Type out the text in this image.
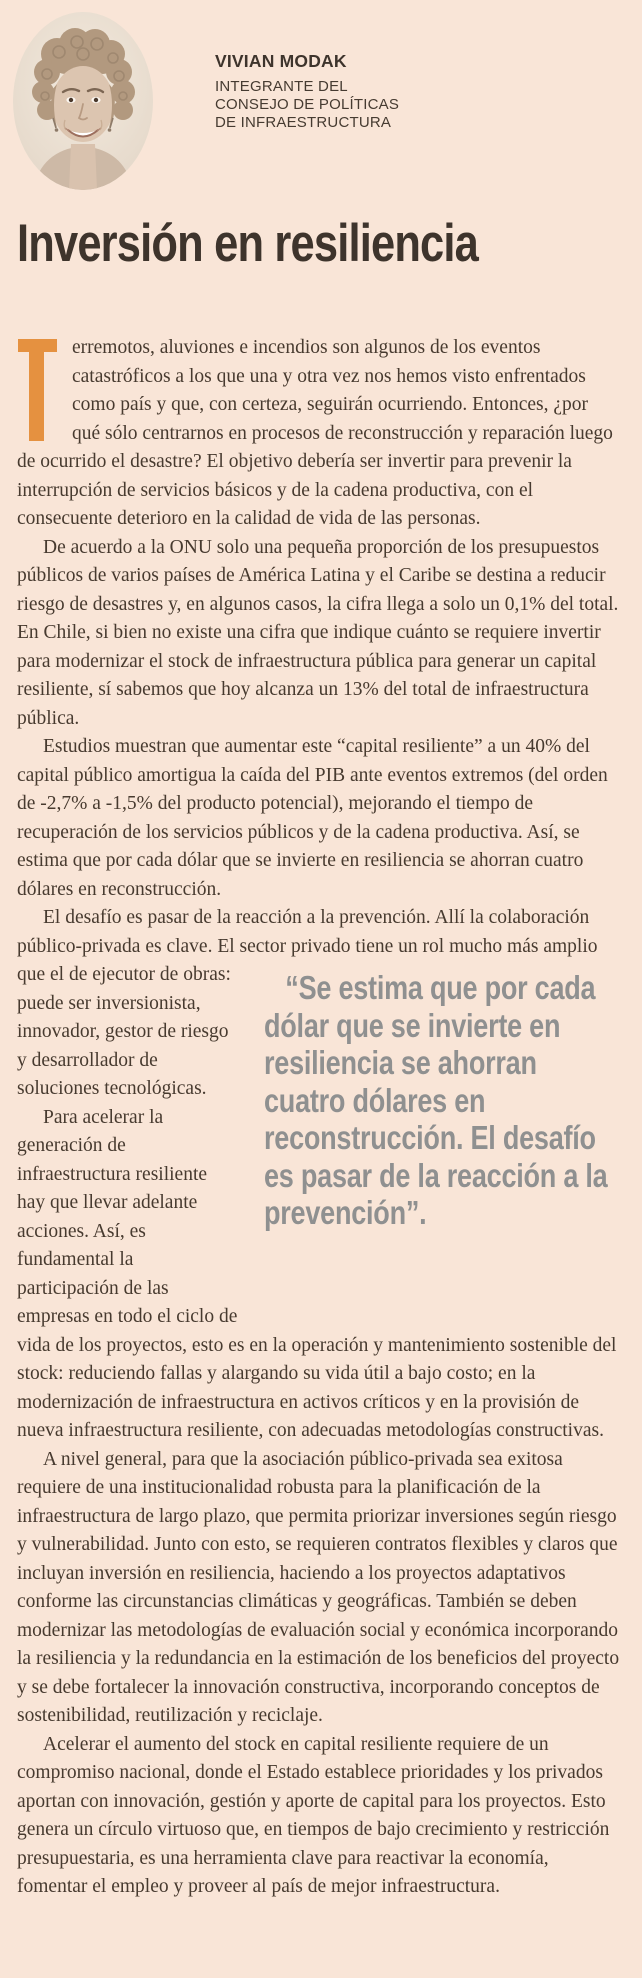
VIVIAN MODAK
INTEGRANTE DEL
CONSEJO DE POLÍTICAS
DE INFRAESTRUCTURA
Inversión en resiliencia
erremotos, aluviones e incendios son algunos de los eventos catastróficos a los que una y otra vez nos hemos visto enfrentados como país y que, con certeza, seguirán ocurriendo. Entonces, ¿por qué sólo centrarnos en procesos de reconstrucción y reparación luego de ocurrido el desastre? El objetivo debería ser invertir para prevenir la interrupción de servicios básicos y de la cadena productiva, con el consecuente deterioro en la calidad de vida de las personas.
De acuerdo a la ONU solo una pequeña proporción de los presupuestos públicos de varios países de América Latina y el Caribe se destina a reducir riesgo de desastres y, en algunos casos, la cifra llega a solo un 0,1% del total. En Chile, si bien no existe una cifra que indique cuánto se requiere invertir para modernizar el stock de infraestructura pública para generar un capital resiliente, sí sabemos que hoy alcanza un 13% del total de infraestructura pública.
Estudios muestran que aumentar este “capital resiliente” a un 40% del capital público amortigua la caída del PIB ante eventos extremos (del orden de -2,7% a -1,5% del producto potencial), mejorando el tiempo de recuperación de los servicios públicos y de la cadena productiva. Así, se estima que por cada dólar que se invierte en resiliencia se ahorran cuatro dólares en reconstrucción.
El desafío es pasar de la reacción a la prevención. Allí la colaboración público-privada es clave. El sector privado tiene un rol mucho
“Se estima que por cada dólar que se invierte en resiliencia se ahorran cuatro dólares en reconstrucción. El desafío es pasar de la reacción a la prevención”.
más amplio que el de ejecutor de obras: puede ser inversionista, innovador, gestor de riesgo y desarrollador de soluciones tecnológicas.
Para acelerar la generación de infraestructura resiliente hay que llevar adelante acciones. Así, es fundamental la participación de las empresas en todo el ciclo de vida de los proyectos, esto es en la operación y mantenimiento sostenible del stock: reduciendo fallas y alargando su vida útil a bajo costo; en la modernización de infraestructura en activos críticos y en la provisión de nueva infraestructura resiliente, con adecuadas metodologías constructivas.
A nivel general, para que la asociación público-privada sea exitosa requiere de una institucionalidad robusta para la planificación de la infraestructura de largo plazo, que permita priorizar inversiones según riesgo y vulnerabilidad. Junto con esto, se requieren contratos flexibles y claros que incluyan inversión en resiliencia, haciendo a los proyectos adaptativos conforme las circunstancias climáticas y geográficas. También se deben modernizar las metodologías de evaluación social y económica incorporando la resiliencia y la redundancia en la estimación de los beneficios del proyecto y se debe fortalecer la innovación constructiva, incorporando conceptos de sostenibilidad, reutilización y reciclaje.
Acelerar el aumento del stock en capital resiliente requiere de un compromiso nacional, donde el Estado establece prioridades y los privados aportan con innovación, gestión y aporte de capital para los proyectos. Esto genera un círculo virtuoso que, en tiempos de bajo crecimiento y restricción presupuestaria, es una herramienta clave para reactivar la economía, fomentar el empleo y proveer al país de mejor infraestructura.
